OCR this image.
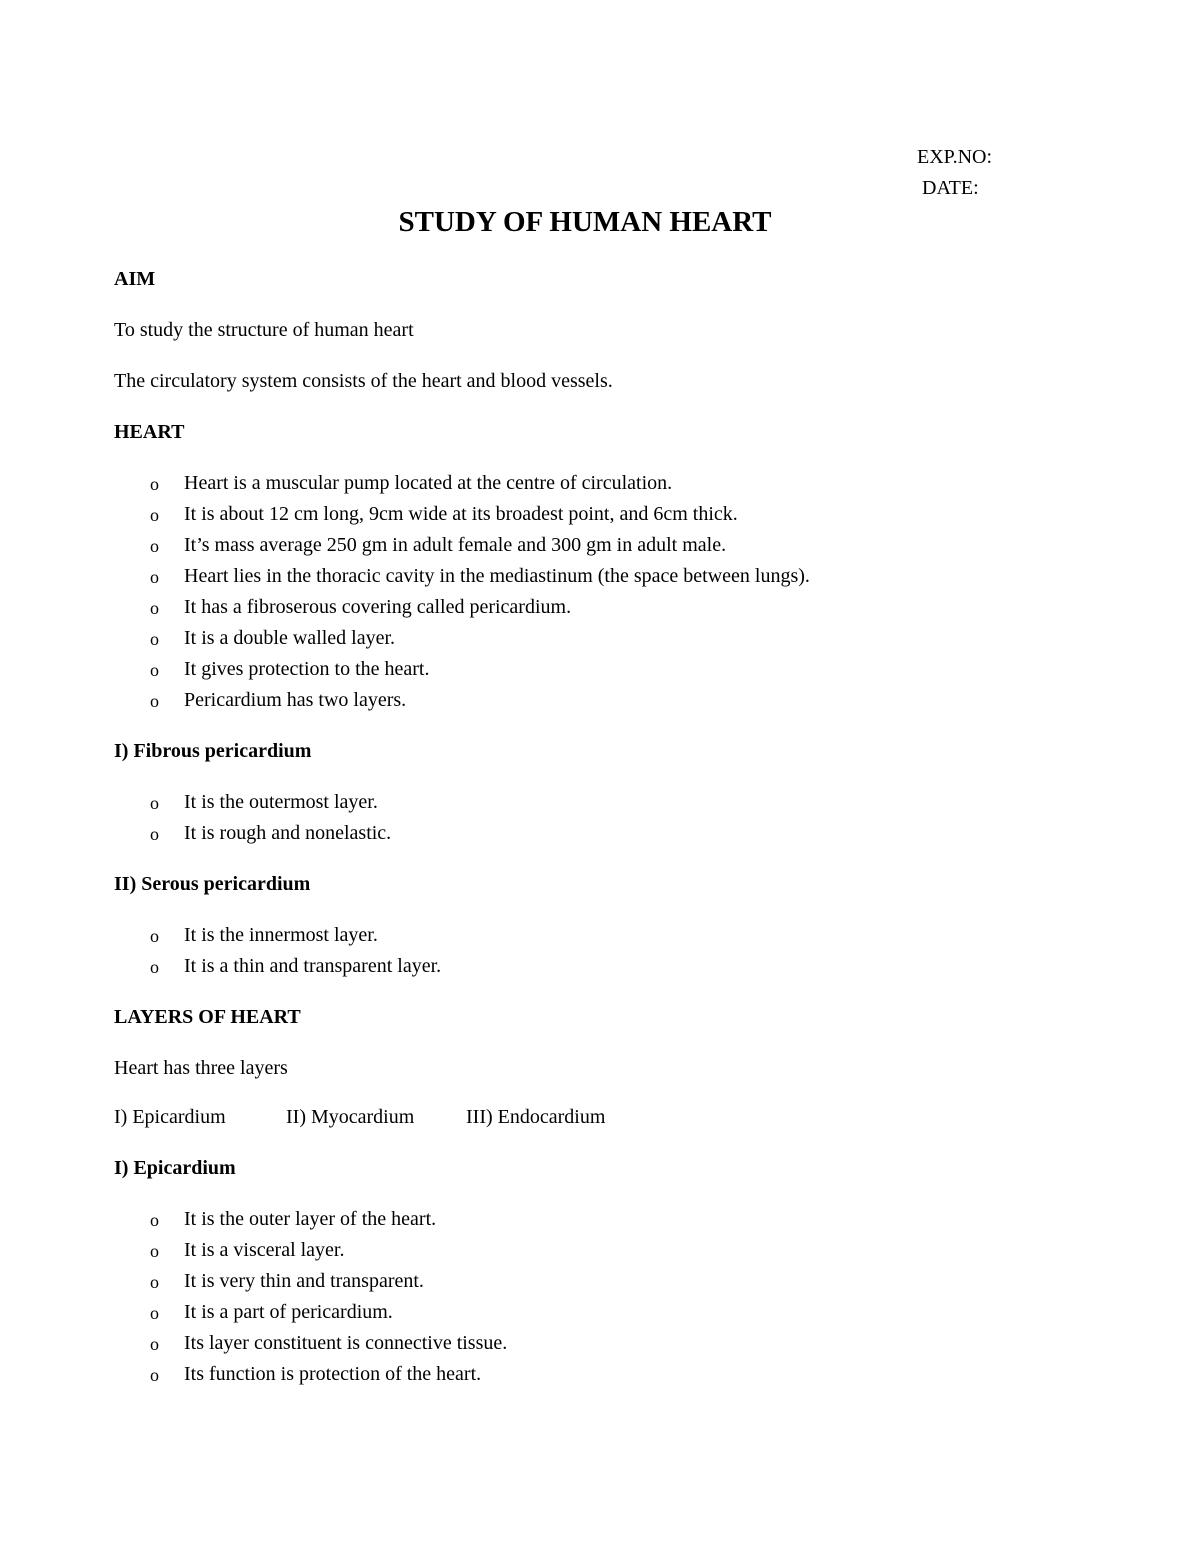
EXP.NO:
DATE:
STUDY OF HUMAN HEART
AIM
To study the structure of human heart
The circulatory system consists of the heart and blood vessels.
HEART
o Heart is a muscular pump located at the centre of circulation.
o It is about 12 cm long, 9cm wide at its broadest point, and 6cm thick.
o It’s mass average 250 gm in adult female and 300 gm in adult male.
o Heart lies in the thoracic cavity in the mediastinum (the space between lungs).
o It has a fibroserous covering called pericardium.
o It is a double walled layer.
o It gives protection to the heart.
o Pericardium has two layers.
I) Fibrous pericardium
o It is the outermost layer.
o It is rough and nonelastic.
II) Serous pericardium
o It is the innermost layer.
o It is a thin and transparent layer.
LAYERS OF HEART
Heart has three layers
I) Epicardium	II) Myocardium	III) Endocardium
I) Epicardium
o It is the outer layer of the heart.
o It is a visceral layer.
o It is very thin and transparent.
o It is a part of pericardium.
o Its layer constituent is connective tissue.
o Its function is protection of the heart.
